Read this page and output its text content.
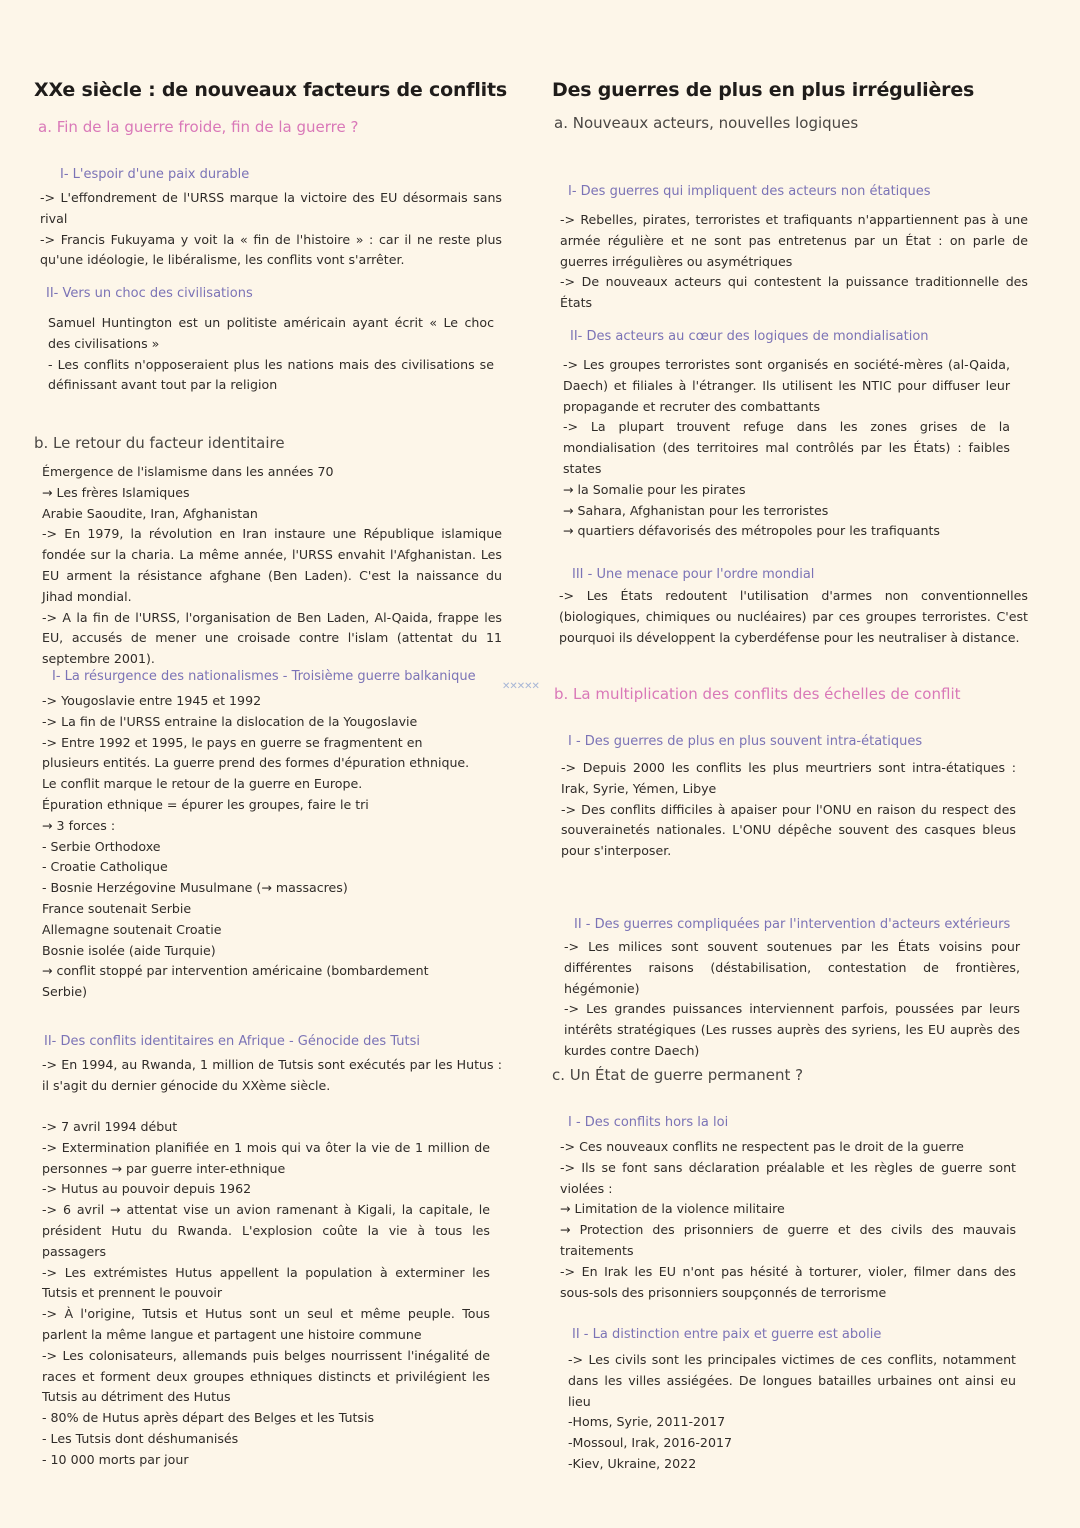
XXe siècle : de nouveaux facteurs de conflits
a. Fin de la guerre froide, fin de la guerre ?
I- L'espoir d'une paix durable

-> L'effondrement de l'URSS marque la victoire des EU désormais sans rival

-> Francis Fukuyama y voit la « fin de l'histoire » : car il ne reste plus qu'une idéologie, le libéralisme, les conflits vont s'arrêter.

II- Vers un choc des civilisations

Samuel Huntington est un politiste américain ayant écrit « Le choc des civilisations »

- Les conflits n'opposeraient plus les nations mais des civilisations se définissant avant tout par la religion

b. Le retour du facteur identitaire

Émergence de l'islamisme dans les années 70

→ Les frères Islamiques

Arabie Saoudite, Iran, Afghanistan

-> En 1979, la révolution en Iran instaure une République islamique fondée sur la charia. La même année, l'URSS envahit l'Afghanistan. Les EU arment la résistance afghane (Ben Laden). C'est la naissance du Jihad mondial.

-> A la fin de l'URSS, l'organisation de Ben Laden, Al-Qaida, frappe les EU, accusés de mener une croisade contre l'islam (attentat du 11 septembre 2001).

I- La résurgence des nationalismes - Troisième guerre balkanique

-> Yougoslavie entre 1945 et 1992

-> La fin de l'URSS entraine la dislocation de la Yougoslavie

-> Entre 1992 et 1995, le pays en guerre se fragmentent en plusieurs entités. La guerre prend des formes d'épuration ethnique. Le conflit marque le retour de la guerre en Europe.

Épuration ethnique = épurer les groupes, faire le tri

→ 3 forces :

- Serbie Orthodoxe

- Croatie Catholique

- Bosnie Herzégovine Musulmane (→ massacres)

France soutenait Serbie

Allemagne soutenait Croatie

Bosnie isolée (aide Turquie)

→ conflit stoppé par intervention américaine (bombardement Serbie)

II- Des conflits identitaires en Afrique - Génocide des Tutsi

-> En 1994, au Rwanda, 1 million de Tutsis sont exécutés par les Hutus : il s'agit du dernier génocide du XXème siècle.

-> 7 avril 1994 début

-> Extermination planifiée en 1 mois qui va ôter la vie de 1 million de personnes → par guerre inter-ethnique

-> Hutus au pouvoir depuis 1962

-> 6 avril → attentat vise un avion ramenant à Kigali, la capitale, le président Hutu du Rwanda. L'explosion coûte la vie à tous les passagers

-> Les extrémistes Hutus appellent la population à exterminer les Tutsis et prennent le pouvoir

-> À l'origine, Tutsis et Hutus sont un seul et même peuple. Tous parlent la même langue et partagent une histoire commune

-> Les colonisateurs, allemands puis belges nourrissent l'inégalité de races et forment deux groupes ethniques distincts et privilégient les Tutsis au détriment des Hutus

- 80% de Hutus après départ des Belges et les Tutsis

- Les Tutsis dont déshumanisés

- 10 000 morts par jour

✕✕✕✕✕
Des guerres de plus en plus irrégulières
a. Nouveaux acteurs, nouvelles logiques
I- Des guerres qui impliquent des acteurs non étatiques

-> Rebelles, pirates, terroristes et trafiquants n'appartiennent pas à une armée régulière et ne sont pas entretenus par un État : on parle de guerres irrégulières ou asymétriques

-> De nouveaux acteurs qui contestent la puissance traditionnelle des États

II- Des acteurs au cœur des logiques de mondialisation

-> Les groupes terroristes sont organisés en société-mères (al-Qaida, Daech) et filiales à l'étranger. Ils utilisent les NTIC pour diffuser leur propagande et recruter des combattants

-> La plupart trouvent refuge dans les zones grises de la mondialisation (des territoires mal contrôlés par les États) : faibles states

→ la Somalie pour les pirates

→ Sahara, Afghanistan pour les terroristes

→ quartiers défavorisés des métropoles pour les trafiquants

III - Une menace pour l'ordre mondial

-> Les États redoutent l'utilisation d'armes non conventionnelles (biologiques, chimiques ou nucléaires) par ces groupes terroristes. C'est pourquoi ils développent la cyberdéfense pour les neutraliser à distance.

b. La multiplication des conflits des échelles de conflit
I - Des guerres de plus en plus souvent intra-étatiques

-> Depuis 2000 les conflits les plus meurtriers sont intra-étatiques : Irak, Syrie, Yémen, Libye

-> Des conflits difficiles à apaiser pour l'ONU en raison du respect des souverainetés nationales. L'ONU dépêche souvent des casques bleus pour s'interposer.

II - Des guerres compliquées par l'intervention d'acteurs extérieurs

-> Les milices sont souvent soutenues par les États voisins pour différentes raisons (déstabilisation, contestation de frontières, hégémonie)

-> Les grandes puissances interviennent parfois, poussées par leurs intérêts stratégiques (Les russes auprès des syriens, les EU auprès des kurdes contre Daech)

c. Un État de guerre permanent ?
I - Des conflits hors la loi

-> Ces nouveaux conflits ne respectent pas le droit de la guerre

-> Ils se font sans déclaration préalable et les règles de guerre sont violées :

→ Limitation de la violence militaire

→ Protection des prisonniers de guerre et des civils des mauvais traitements

-> En Irak les EU n'ont pas hésité à torturer, violer, filmer dans des sous-sols des prisonniers soupçonnés de terrorisme

II - La distinction entre paix et guerre est abolie

-> Les civils sont les principales victimes de ces conflits, notamment dans les villes assiégées. De longues batailles urbaines ont ainsi eu lieu

-Homs, Syrie, 2011-2017

-Mossoul, Irak, 2016-2017

-Kiev, Ukraine, 2022
